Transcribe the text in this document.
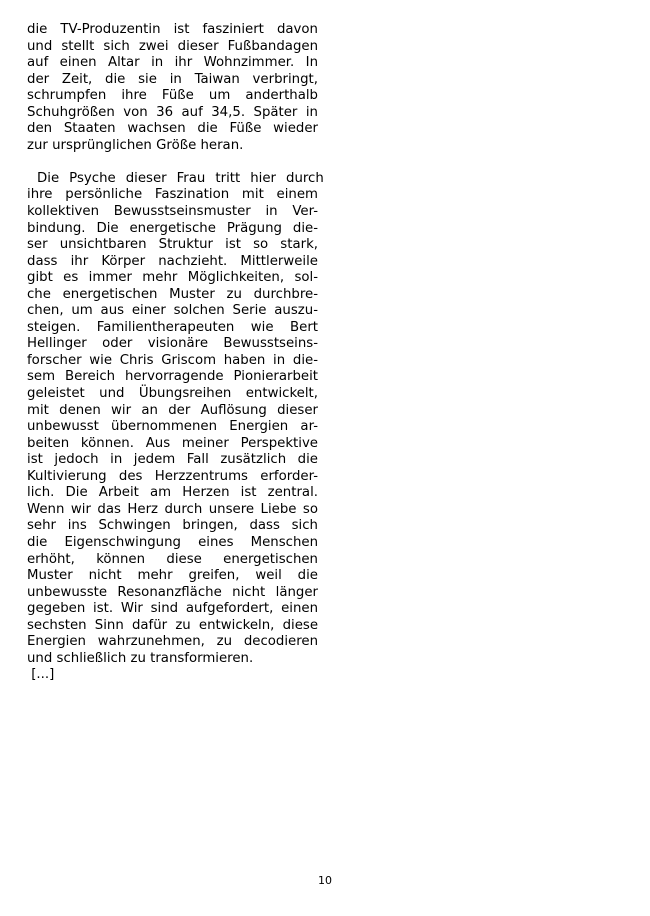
die TV-Produzentin ist fasziniert davon
und stellt sich zwei dieser Fußbandagen
auf einen Altar in ihr Wohnzimmer. In
der Zeit, die sie in Taiwan verbringt,
schrumpfen ihre Füße um anderthalb
Schuhgrößen von 36 auf 34,5. Später in
den Staaten wachsen die Füße wieder
zur ursprünglichen Größe heran.
Die Psyche dieser Frau tritt hier durch
ihre persönliche Faszination mit einem
kollektiven Bewusstseinsmuster in Ver-
bindung. Die energetische Prägung die-
ser unsichtbaren Struktur ist so stark,
dass ihr Körper nachzieht. Mittlerweile
gibt es immer mehr Möglichkeiten, sol-
che energetischen Muster zu durchbre-
chen, um aus einer solchen Serie auszu-
steigen. Familientherapeuten wie Bert
Hellinger oder visionäre Bewusstseins-
forscher wie Chris Griscom haben in die-
sem Bereich hervorragende Pionierarbeit
geleistet und Übungsreihen entwickelt,
mit denen wir an der Auflösung dieser
unbewusst übernommenen Energien ar-
beiten können. Aus meiner Perspektive
ist jedoch in jedem Fall zusätzlich die
Kultivierung des Herzzentrums erforder-
lich. Die Arbeit am Herzen ist zentral.
Wenn wir das Herz durch unsere Liebe so
sehr ins Schwingen bringen, dass sich
die Eigenschwingung eines Menschen
erhöht, können diese energetischen
Muster nicht mehr greifen, weil die
unbewusste Resonanzfläche nicht länger
gegeben ist. Wir sind aufgefordert, einen
sechsten Sinn dafür zu entwickeln, diese
Energien wahrzunehmen, zu decodieren
und schließlich zu transformieren.
[...]
10
